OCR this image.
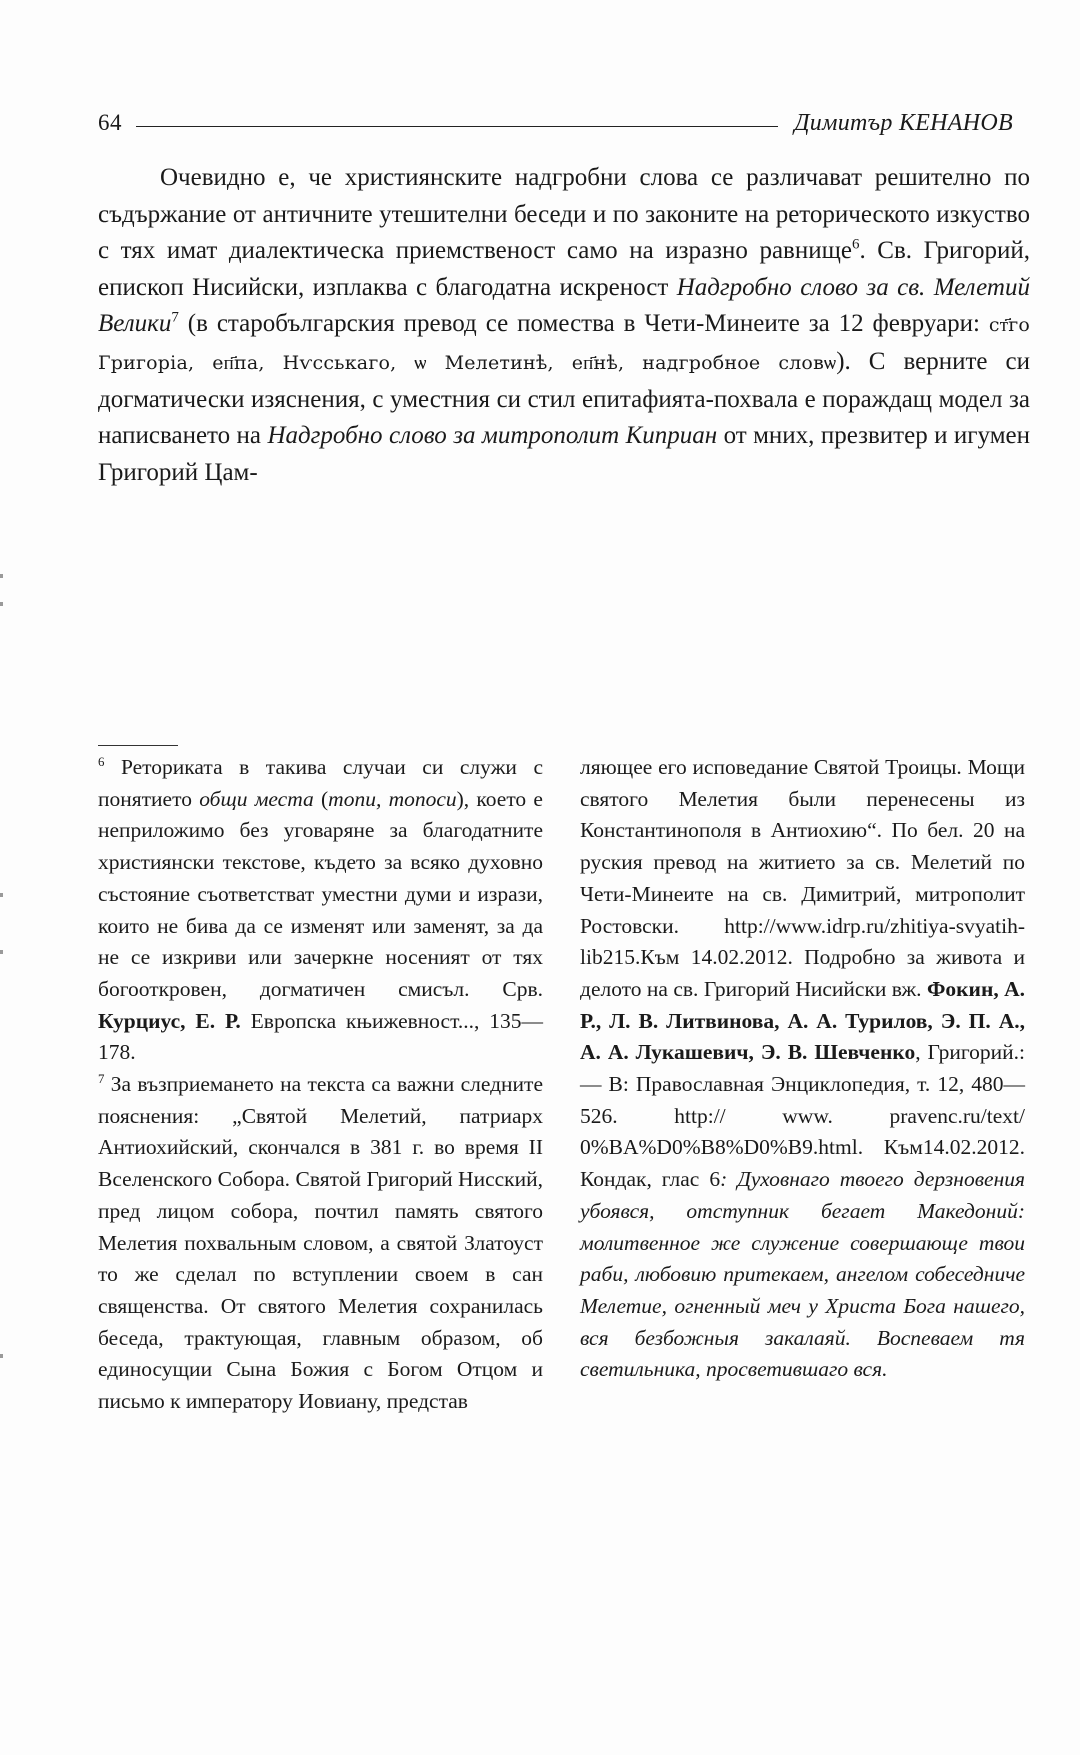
64	Димитър КЕНАНОВ

Очевидно е, че християнските надгробни слова се различават решително по съдържание от античните утешителни беседи и по законите на реторическото изкуство с тях имат диалектическа приемственост само на изразно равнище$^6$. Св. Григорий, епископ Нисийски, изплаква с благодатна искреност Надгробно слово за св. Мелетий Велики$^7$ (в старобългарския превод се помества в Чети-Минеите за 12 февруари: ст҃го Григоріа, еп҃па, Нѵсськаго, ѡ Мелетинѣ, еп҃нѣ, надгробное словѡ). С верните си догматически изяснения, с уместния си стил епитафията-похвала е пораждащ модел за написването на Надгробно слово за митрополит Киприан от мних, презвитер и игумен Григорий Цам-

$^6$ Реториката в такива случаи си служи с понятието общи места (топи, топоси), което е неприложимо без уговаряне за благодатните християнски текстове, където за всяко духовно състояние съответстват уместни думи и изрази, които не бива да се изменят или заменят, за да не се изкриви или зачеркне носеният от тях богооткровен, догматичен смисъл. Срв. Курциус, Е. Р. Европска књижевност..., 135—178.

$^7$ За възприемането на текста са важни следните пояснения: „Святой Мелетий, патриарх Антиохийский, скончался в 381 г. во время II Вселенского Собора. Святой Григорий Нисский, пред лицом собора, почтил память святого Мелетия похвальным словом, а святой Златоуст то же сделал по вступлении своем в сан священства. От святого Мелетия сохранилась беседа, трактующая, главным образом, об единосущии Сына Божия с Богом Отцом и письмо к императору Иовиану, представ

ляющее его исповедание Святой Троицы. Мощи святого Мелетия были перенесены из Константинополя в Антиохию“. По бел. 20 на руския превод на житието за св. Мелетий по Чети-Минеите на св. Димитрий, митрополит Ростовски. http://www.idrp.ru/zhitiya-svyatih-lib215.Към 14.02.2012. Подробно за живота и делото на св. Григорий Нисийски вж. Фокин, А. Р., Л. В. Литвинова, А. А. Турилов, Э. П. А., А. А. Лукашевич, Э. В. Шевченко, Григорий.: — В: Православная Энциклопедия, т. 12, 480—526. http:// www. pravenc.ru/text/ 0%BA%D0%B8%D0%B9.html. Към14.02.2012. Кондак, глас 6: Духовнаго твоего дерзновения убоявся, отступник бегает Македоний: молитвенное же служение совершающе твои раби, любовию притекаем, ангелом собеседниче Мелетие, огненный меч у Христа Бога нашего, вся безбожныя закалаяй. Воспеваем тя светильника, просветившаго вся.
